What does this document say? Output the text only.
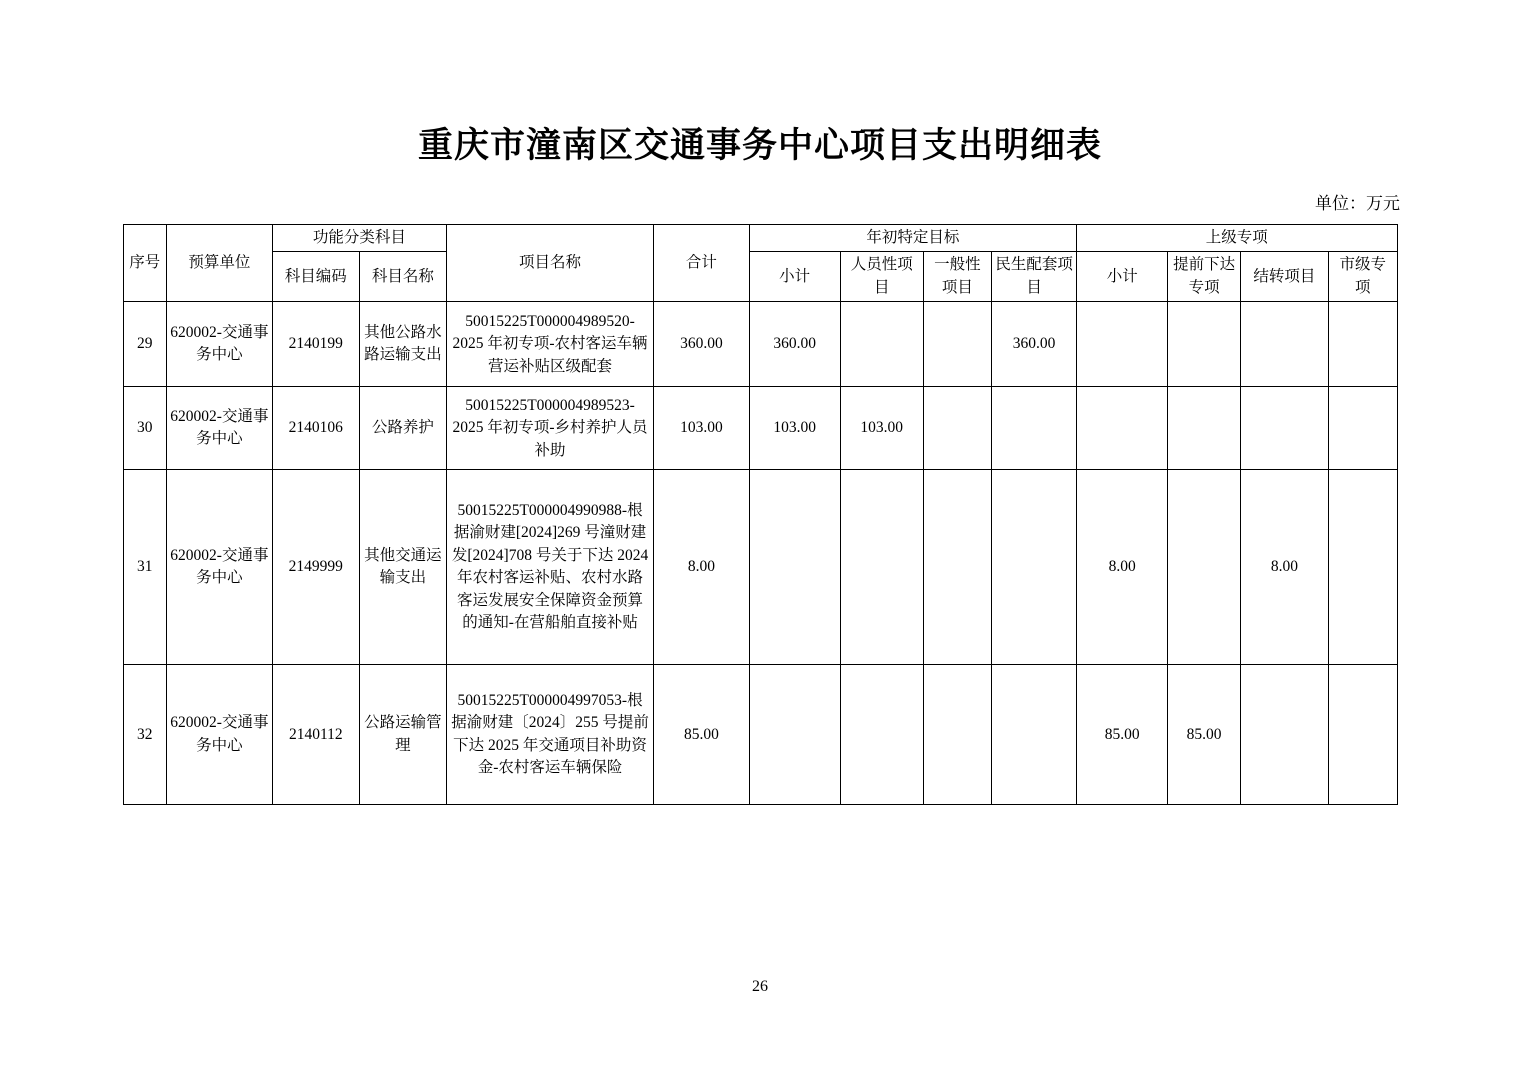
重庆市潼南区交通事务中心项目支出明细表
单位：万元
序号	预算单位	功能分类科目		项目名称	合计	年初特定目标				上级专项			
		科目编码	科目名称			小计	人员性项目	一般性项目	民生配套项目	小计	提前下达专项	结转项目	市级专项
29	620002-交通事务中心	2140199	其他公路水路运输支出	50015225T000004989520-2025 年初专项-农村客运车辆营运补贴区级配套	360.00	360.00			360.00				
30	620002-交通事务中心	2140106	公路养护	50015225T000004989523-2025 年初专项-乡村养护人员补助	103.00	103.00	103.00						
31	620002-交通事务中心	2149999	其他交通运输支出	50015225T000004990988-根据渝财建[2024]269 号潼财建发[2024]708 号关于下达 2024 年农村客运补贴、农村水路客运发展安全保障资金预算的通知-在营船舶直接补贴	8.00					8.00		8.00	
32	620002-交通事务中心	2140112	公路运输管理	50015225T000004997053-根据渝财建〔2024〕255 号提前下达 2025 年交通项目补助资金-农村客运车辆保险	85.00					85.00	85.00		
26
